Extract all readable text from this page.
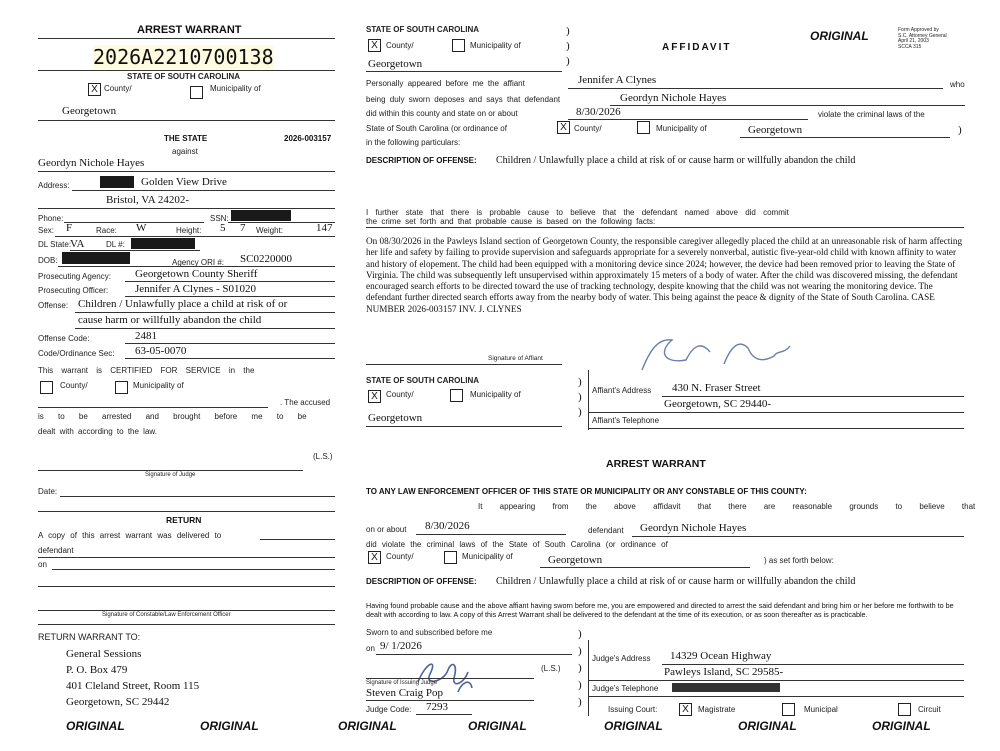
ARREST WARRANT
2026A2210700138
STATE OF SOUTH CAROLINA
X County/	Municipality of
Georgetown
THE STATE	2026-003157
against
Geordyn Nichole Hayes
Address:	Golden View Drive
Bristol, VA 24202-
Phone:	SSN:
Sex: F	Race: W	Height: 5 7 Weight:	147
DL State:
VA	DL #:
DOB:	Agency ORI #: SC0220000
Prosecuting Agency: Georgetown County Sheriff
Prosecuting Officer: Jennifer A Clynes - S01020
Offense: Children / Unlawfully place a child at risk of or
cause harm or willfully abandon the child
Offense Code:	2481
Code/Ordinance Sec: 63-05-0070
This warrant is CERTIFIED FOR SERVICE in the
County/	Municipality of
. The accused
is to be arrested and brought before me to be
dealt with according to the law.
(L.S.)
Signature of Judge
Date:
RETURN
A copy of this arrest warrant was delivered to
defendant
on
Signature of Constable/Law Enforcement Officer
RETURN WARRANT TO:
General Sessions
P. O. Box 479
401 Cleland Street, Room 115
Georgetown, SC 29442
STATE OF SOUTH CAROLINA
X	County/	Municipality of
)
)
)
Georgetown
AFFIDAVIT
ORIGINAL	Form Approved by
S.C. Attorney General
April 21, 2003
SCCA 315
Personally appeared before me the affiant	Jennifer A Clynes	who
being duly sworn deposes and says that defendant	Geordyn Nichole Hayes
did within this county and state on or about	8/30/2026	violate the criminal laws of the
State of South Carolina (or ordinance of	X County/	Municipality of	Georgetown	)
in the following particulars:
DESCRIPTION OF OFFENSE: Children / Unlawfully place a child at risk of or cause harm or willfully abandon the child
I further state that there is probable cause to believe that the defendant named above did commit
the crime set forth and that probable cause is based on the following facts:
On 08/30/2026 in the Pawleys Island section of Georgetown County, the responsible caregiver allegedly placed the child at an unreasonable risk of harm affecting her life and safety by failing to provide supervision and safeguards appropriate for a severely nonverbal, autistic five-year-old child with known affinity to water and history of elopement. The child had been equipped with a monitoring device since 2024; however, the device had been removed prior to leaving the State of Virginia. The child was subsequently left unsupervised within approximately 15 meters of a body of water. After the child was discovered missing, the defendant encouraged search efforts to be directed toward the use of tracking technology, despite knowing that the child was not wearing the monitoring device. The defendant further directed search efforts away from the nearby body of water. This being against the peace & dignity of the State of South Carolina. CASE NUMBER 2026-003157 INV. J. CLYNES
Signature of Affiant
STATE OF SOUTH CAROLINA
X	County/	Municipality of
)
)
)
Georgetown
Affiant's Address 430 N. Fraser Street
Georgetown, SC 29440-
Affiant's Telephone
ARREST WARRANT
TO ANY LAW ENFORCEMENT OFFICER OF THIS STATE OR MUNICIPALITY OR ANY CONSTABLE OF THIS COUNTY:
It appearing from the above affidavit that there are reasonable grounds to believe that
on or about 8/30/2026	defendant Geordyn Nichole Hayes
did violate the criminal laws of the State of South Carolina (or ordinance of
X	County/	Municipality of	Georgetown	) as set forth below:
DESCRIPTION OF OFFENSE: Children / Unlawfully place a child at risk of or cause harm or willfully abandon the child
Having found probable cause and the above affiant having sworn before me, you are empowered and directed to arrest the said defendant and bring him or her before me forthwith to be dealt with according to law. A copy of this Arrest Warrant shall be delivered to the defendant at the time of its execution, or as soon thereafter as is practicable.
Sworn to and subscribed before me
on 9/ 1/2026
)
)
)
)
)
(L.S.)
Signature of Issuing Judge
Steven Craig Pop
Judge Code: 7293
Judge's Address 14329 Ocean Highway
Pawleys Island, SC 29585-
Judge's Telephone
Issuing Court:	X	Magistrate	Municipal	Circuit
ORIGINAL	ORIGINAL	ORIGINAL	ORIGINAL	ORIGINAL	ORIGINAL	ORIGINAL
